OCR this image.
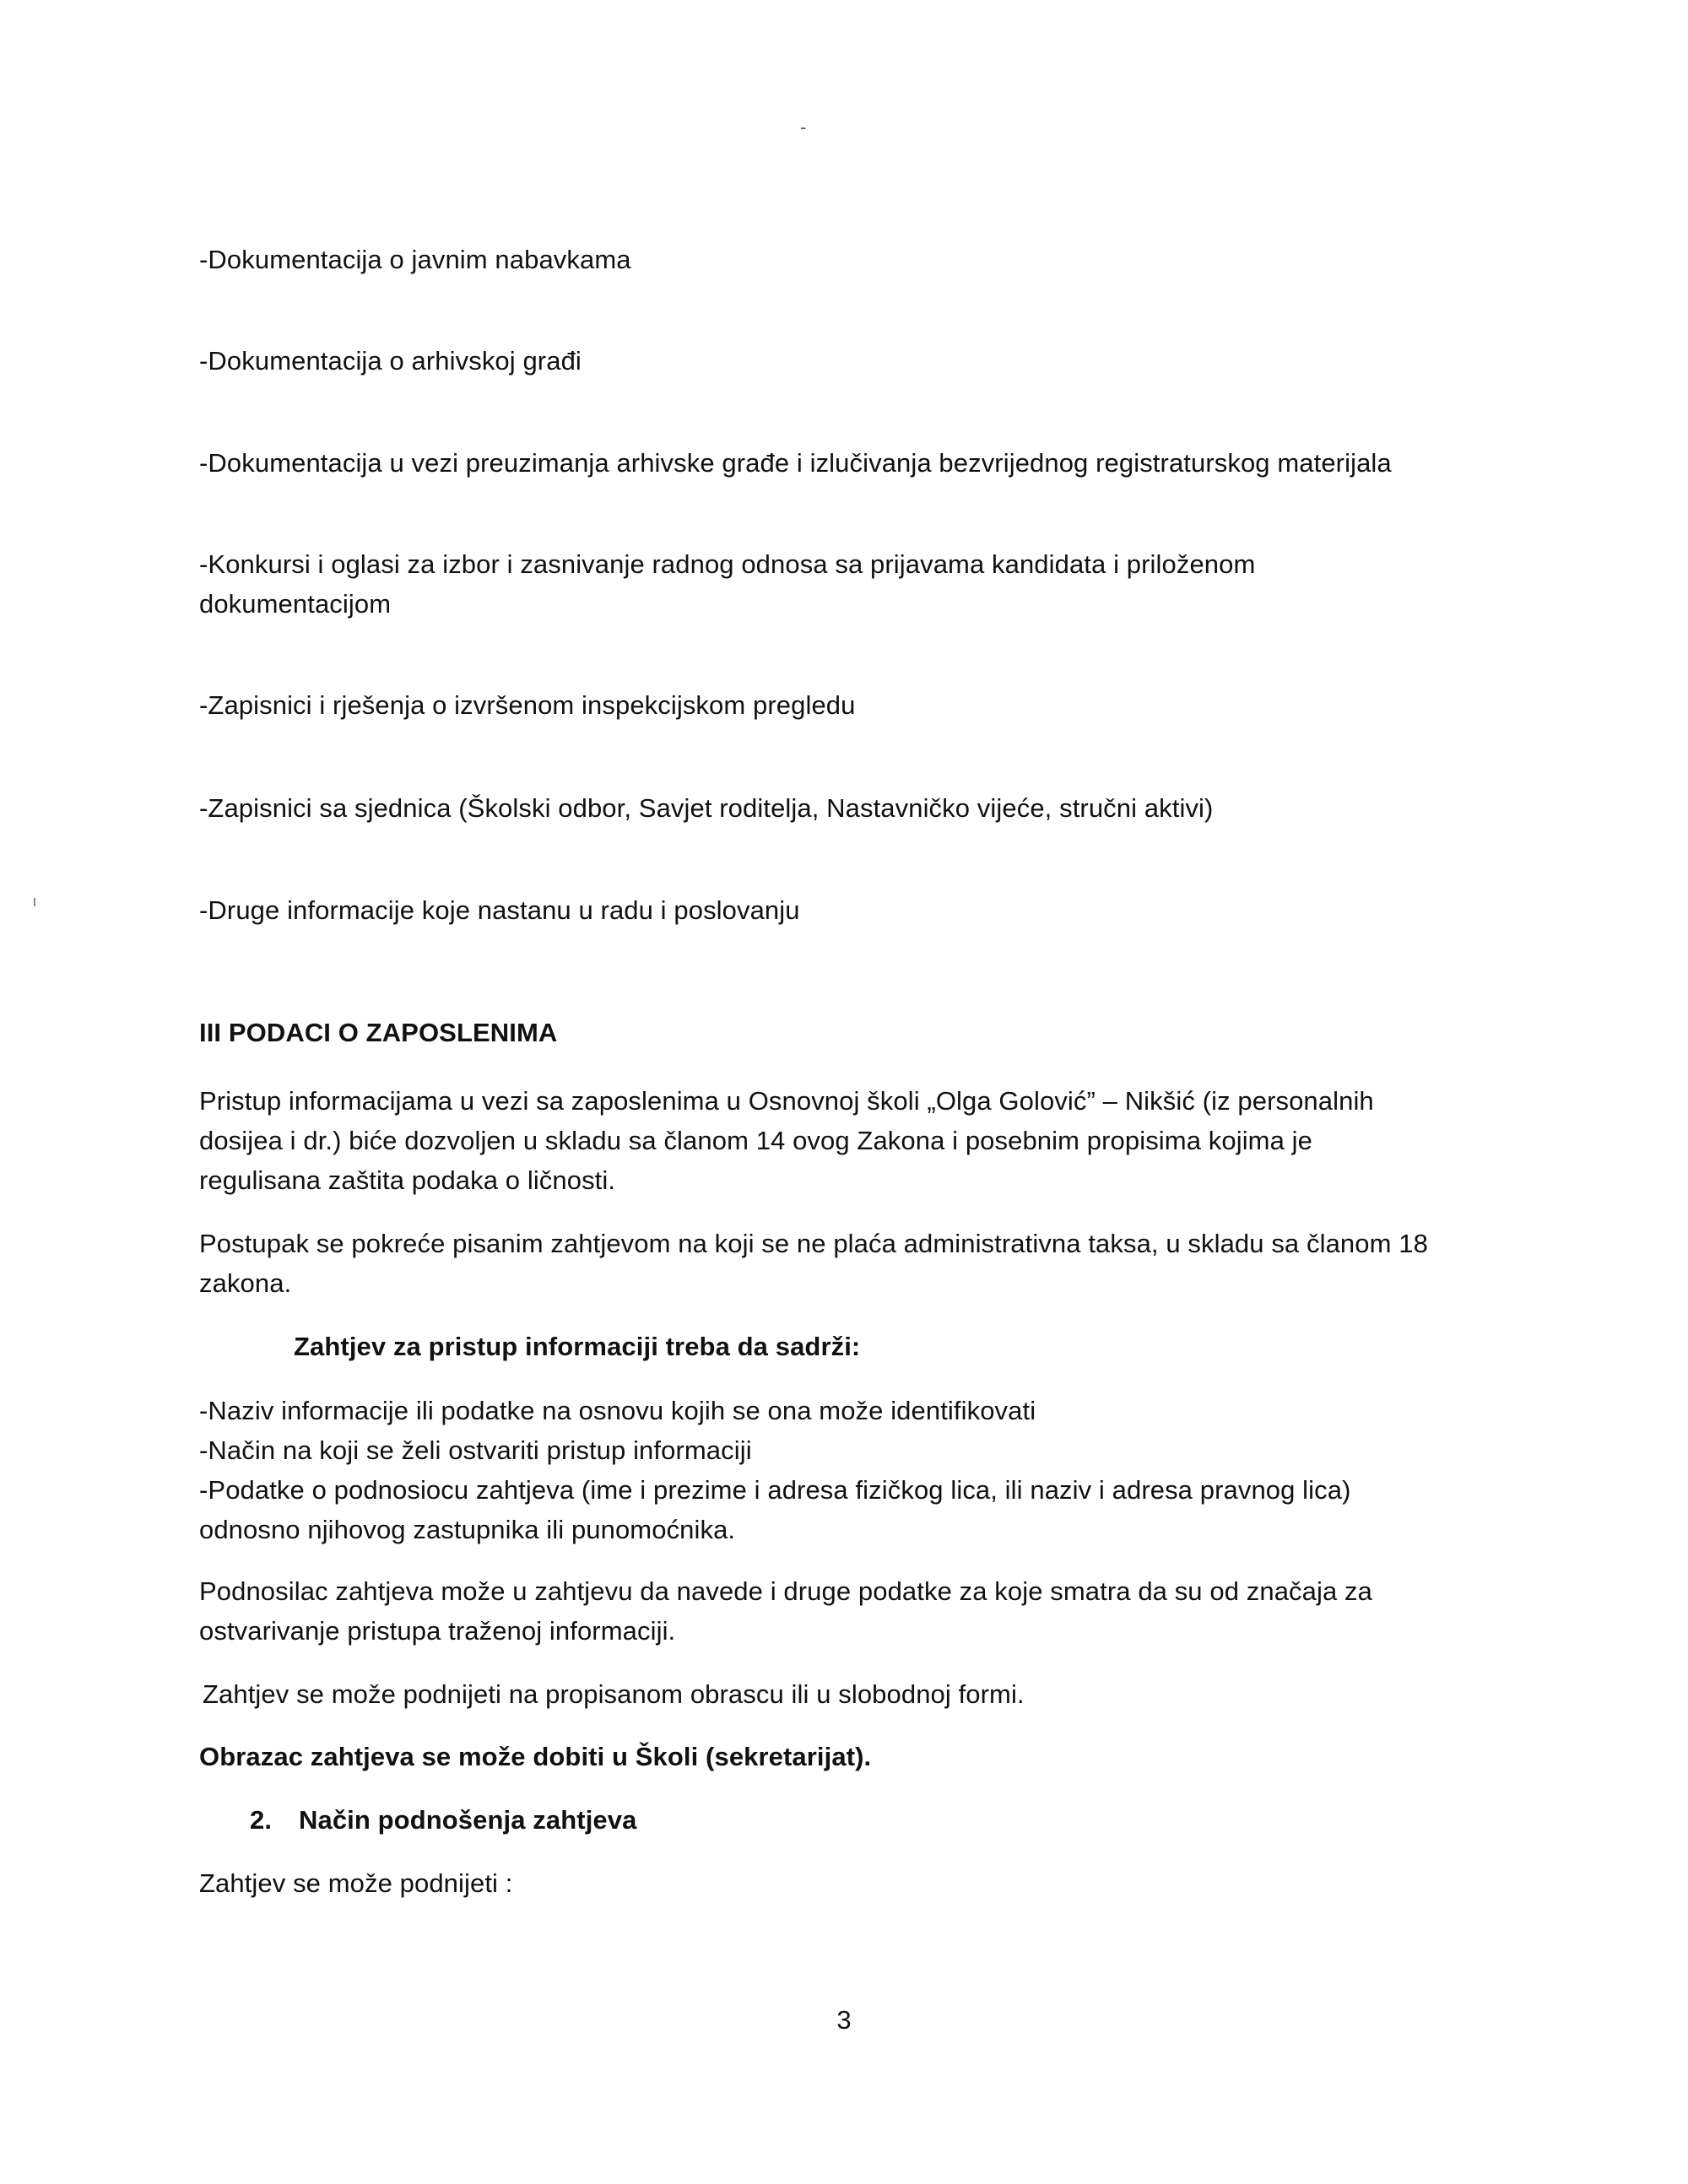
-
-Dokumentacija o javnim nabavkama
-Dokumentacija o arhivskoj građi
-Dokumentacija u vezi preuzimanja arhivske građe i izlučivanja bezvrijednog registraturskog materijala
-Konkursi i oglasi za izbor i zasnivanje radnog odnosa sa prijavama kandidata i priloženom
dokumentacijom
-Zapisnici i rješenja o izvršenom inspekcijskom pregledu
-Zapisnici sa sjednica (Školski odbor, Savjet roditelja, Nastavničko vijeće, stručni aktivi)
-Druge informacije koje nastanu u radu i poslovanju
III PODACI O ZAPOSLENIMA
Pristup informacijama u vezi sa zaposlenima u Osnovnoj školi „Olga Golović” – Nikšić (iz personalnih
dosijea i dr.) biće dozvoljen u skladu sa članom 14 ovog Zakona i posebnim propisima kojima je
regulisana zaštita podaka o ličnosti.
Postupak se pokreće pisanim zahtjevom na koji se ne plaća administrativna taksa, u skladu sa članom 18
zakona.
Zahtjev za pristup informaciji treba da sadrži:
-Naziv informacije ili podatke na osnovu kojih se ona može identifikovati
-Način na koji se želi ostvariti pristup informaciji
-Podatke o podnosiocu zahtjeva (ime i prezime i adresa fizičkog lica, ili naziv i adresa pravnog lica)
odnosno njihovog zastupnika ili punomoćnika.
Podnosilac zahtjeva može u zahtjevu da navede i druge podatke za koje smatra da su od značaja za
ostvarivanje pristupa traženoj informaciji.
Zahtjev se može podnijeti na propisanom obrascu ili u slobodnoj formi.
Obrazac zahtjeva se može dobiti u Školi (sekretarijat).
2. Način podnošenja zahtjeva
Zahtjev se može podnijeti :
3
